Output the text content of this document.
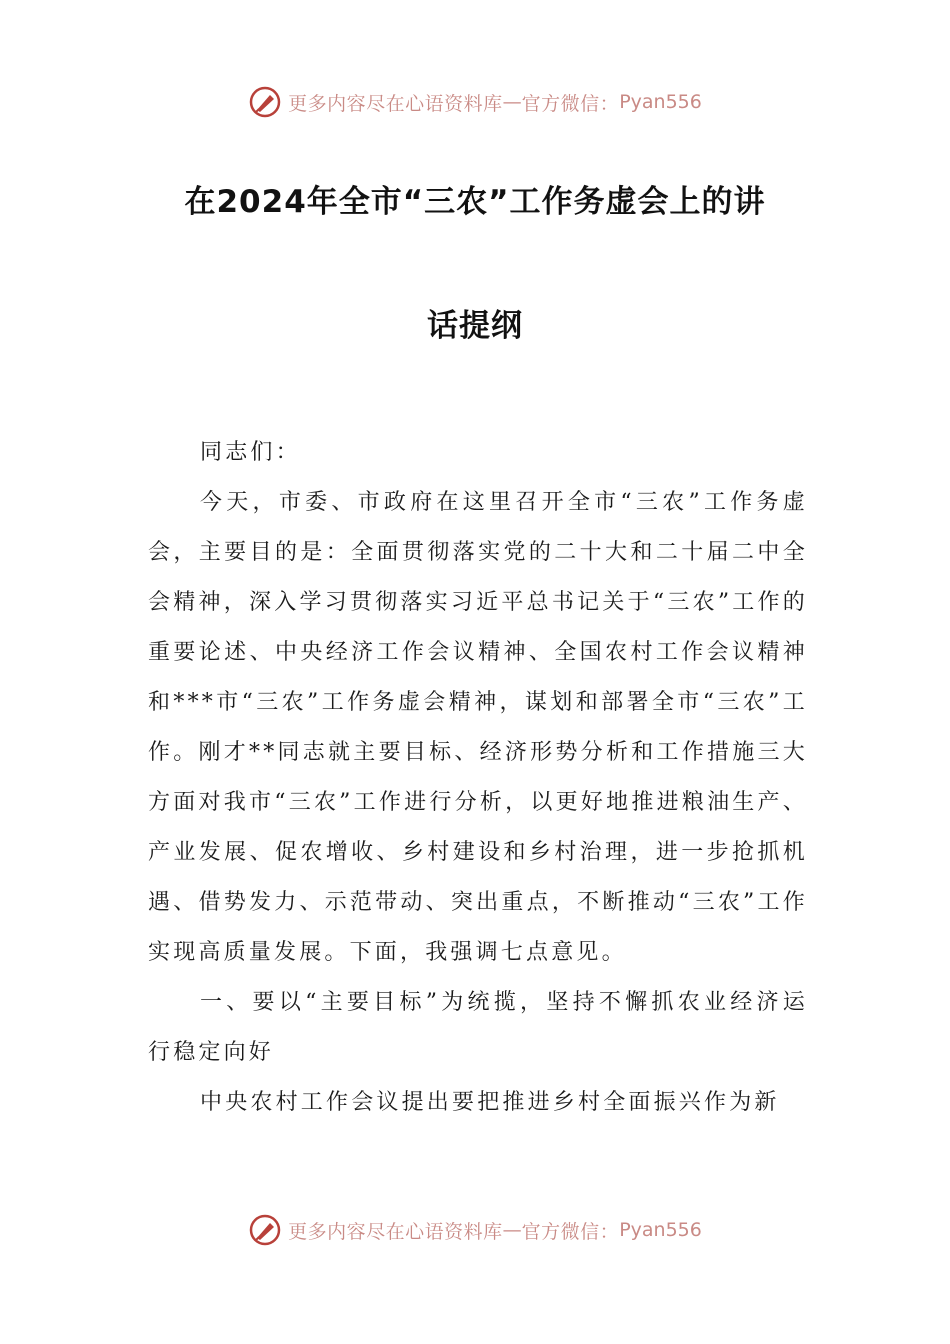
更多内容尽在心语资料库 — 官方微信： Pyan556
在2024年全市“三农”工作务虚会上的讲
话提纲

同志们：

今天，市委、市政府在这里召开全市“三农”工作务虚会，主要目的是：全面贯彻落实党的二十大和二十届二中全会精神，深入学习贯彻落实习近平总书记关于“三农”工作的重要论述、中央经济工作会议精神、全国农村工作会议精神和***市“三农”工作务虚会精神，谋划和部署全市“三农”工作。刚才**同志就主要目标、经济形势分析和工作措施三大方面对我市“三农”工作进行分析，以更好地推进粮油生产、产业发展、促农增收、乡村建设和乡村治理，进一步抢抓机遇、借势发力、示范带动、突出重点，不断推动“三农”工作实现高质量发展。下面，我强调七点意见。

一、要以“主要目标”为统揽，坚持不懈抓农业经济运行稳定向好

中央农村工作会议提出要把推进乡村全面振兴作为新

更多内容尽在心语资料库 — 官方微信： Pyan556
